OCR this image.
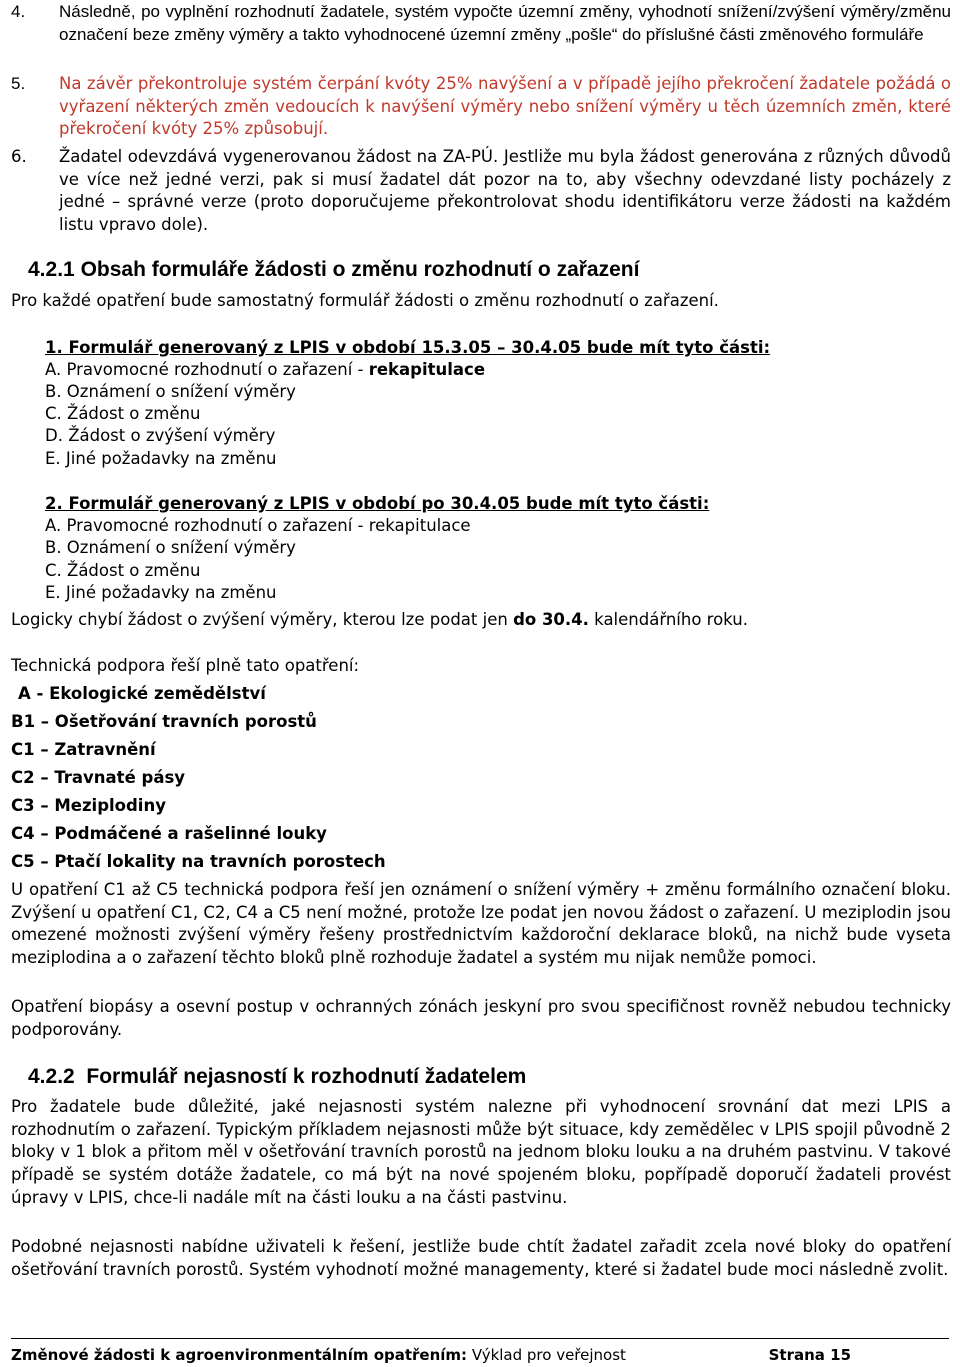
4. Následně, po vyplnění rozhodnutí žadatele, systém vypočte územní změny, vyhodnotí snížení/zvýšení výměry/změnu označení beze změny výměry a takto vyhodnocené územní změny „pošle“ do příslušné části změnového formuláře
5. Na závěr překontroluje systém čerpání kvóty 25% navýšení a v případě jejího překročení žadatele požádá o vyřazení některých změn vedoucích k navýšení výměry nebo snížení výměry u těch územních změn, které překročení kvóty 25% způsobují.
6. Žadatel odevzdává vygenerovanou žádost na ZA-PÚ. Jestliže mu byla žádost generována z různých důvodů ve více než jedné verzi, pak si musí žadatel dát pozor na to, aby všechny odevzdané listy pocházely z jedné – správné verze (proto doporučujeme překontrolovat shodu identifikátoru verze žádosti na každém listu vpravo dole).
4.2.1 Obsah formuláře žádosti o změnu rozhodnutí o zařazení

Pro každé opatření bude samostatný formulář žádosti o změnu rozhodnutí o zařazení.

1. Formulář generovaný z LPIS v období 15.3.05 – 30.4.05 bude mít tyto části:
A. Pravomocné rozhodnutí o zařazení - rekapitulace
B. Oznámení o snížení výměry
C. Žádost o změnu
D. Žádost o zvýšení výměry
E. Jiné požadavky na změnu
2. Formulář generovaný z LPIS v období po 30.4.05 bude mít tyto části:
A. Pravomocné rozhodnutí o zařazení - rekapitulace
B. Oznámení o snížení výměry
C. Žádost o změnu
E. Jiné požadavky na změnu

Logicky chybí žádost o zvýšení výměry, kterou lze podat jen do 30.4. kalendářního roku.

Technická podpora řeší plně tato opatření:

A - Ekologické zemědělství
B1 – Ošetřování travních porostů
C1 – Zatravnění
C2 – Travnaté pásy
C3 – Meziplodiny
C4 – Podmáčené a rašelinné louky
C5 – Ptačí lokality na travních porostech

U opatření C1 až C5 technická podpora řeší jen oznámení o snížení výměry + změnu formálního označení bloku. Zvýšení u opatření C1, C2, C4 a C5 není možné, protože lze podat jen novou žádost o zařazení. U meziplodin jsou omezené možnosti zvýšení výměry řešeny prostřednictvím každoroční deklarace bloků, na nichž bude vyseta meziplodina a o zařazení těchto bloků plně rozhoduje žadatel a systém mu nijak nemůže pomoci.

Opatření biopásy a osevní postup v ochranných zónách jeskyní pro svou specifičnost rovněž nebudou technicky podporovány.

4.2.2 Formulář nejasností k rozhodnutí žadatelem

Pro žadatele bude důležité, jaké nejasnosti systém nalezne při vyhodnocení srovnání dat mezi LPIS a rozhodnutím o zařazení. Typickým příkladem nejasnosti může být situace, kdy zemědělec v LPIS spojil původně 2 bloky v 1 blok a přitom měl v ošetřování travních porostů na jednom bloku louku a na druhém pastvinu. V takové případě se systém dotáže žadatele, co má být na nové spojeném bloku, popřípadě doporučí žadateli provést úpravy v LPIS, chce-li nadále mít na části louku a na části pastvinu.

Podobné nejasnosti nabídne uživateli k řešení, jestliže bude chtít žadatel zařadit zcela nové bloky do opatření ošetřování travních porostů. Systém vyhodnotí možné managementy, které si žadatel bude moci následně zvolit.

Změnové žádosti k agroenvironmentálním opatřením: Výklad pro veřejnost	Strana 15
